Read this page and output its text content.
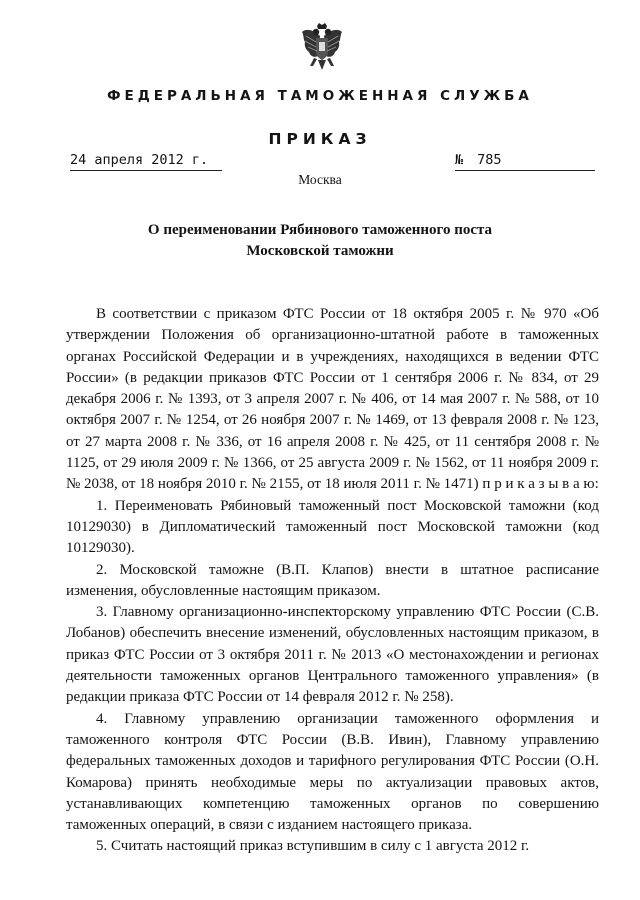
ФЕДЕРАЛЬНАЯ ТАМОЖЕННАЯ СЛУЖБА
ПРИКАЗ
24 апреля 2012 г.	№ 785
Москва
О переименовании Рябинового таможенного поста
Московской таможни

В соответствии с приказом ФТС России от 18 октября 2005 г. № 970 «Об утверждении Положения об организационно-штатной работе в таможенных органах Российской Федерации и в учреждениях, находящихся в ведении ФТС России» (в редакции приказов ФТС России от 1 сентября 2006 г. № 834, от 29 декабря 2006 г. № 1393, от 3 апреля 2007 г. № 406, от 14 мая 2007 г. № 588, от 10 октября 2007 г. № 1254, от 26 ноября 2007 г. № 1469, от 13 февраля 2008 г. № 123, от 27 марта 2008 г. № 336, от 16 апреля 2008 г. № 425, от 11 сентября 2008 г. № 1125, от 29 июля 2009 г. № 1366, от 25 августа 2009 г. № 1562, от 11 ноября 2009 г. № 2038, от 18 ноября 2010 г. № 2155, от 18 июля 2011 г. № 1471) п р и к а з ы в а ю:

1. Переименовать Рябиновый таможенный пост Московской таможни (код 10129030) в Дипломатический таможенный пост Московской таможни (код 10129030).

2. Московской таможне (В.П. Клапов) внести в штатное расписание изменения, обусловленные настоящим приказом.

3. Главному организационно-инспекторскому управлению ФТС России (С.В. Лобанов) обеспечить внесение изменений, обусловленных настоящим приказом, в приказ ФТС России от 3 октября 2011 г. № 2013 «О местонахождении и регионах деятельности таможенных органов Центрального таможенного управления» (в редакции приказа ФТС России от 14 февраля 2012 г. № 258).

4. Главному управлению организации таможенного оформления и таможенного контроля ФТС России (В.В. Ивин), Главному управлению федеральных таможенных доходов и тарифного регулирования ФТС России (О.Н. Комарова) принять необходимые меры по актуализации правовых актов, устанавливающих компетенцию таможенных органов по совершению таможенных операций, в связи с изданием настоящего приказа.

5. Считать настоящий приказ вступившим в силу с 1 августа 2012 г.
